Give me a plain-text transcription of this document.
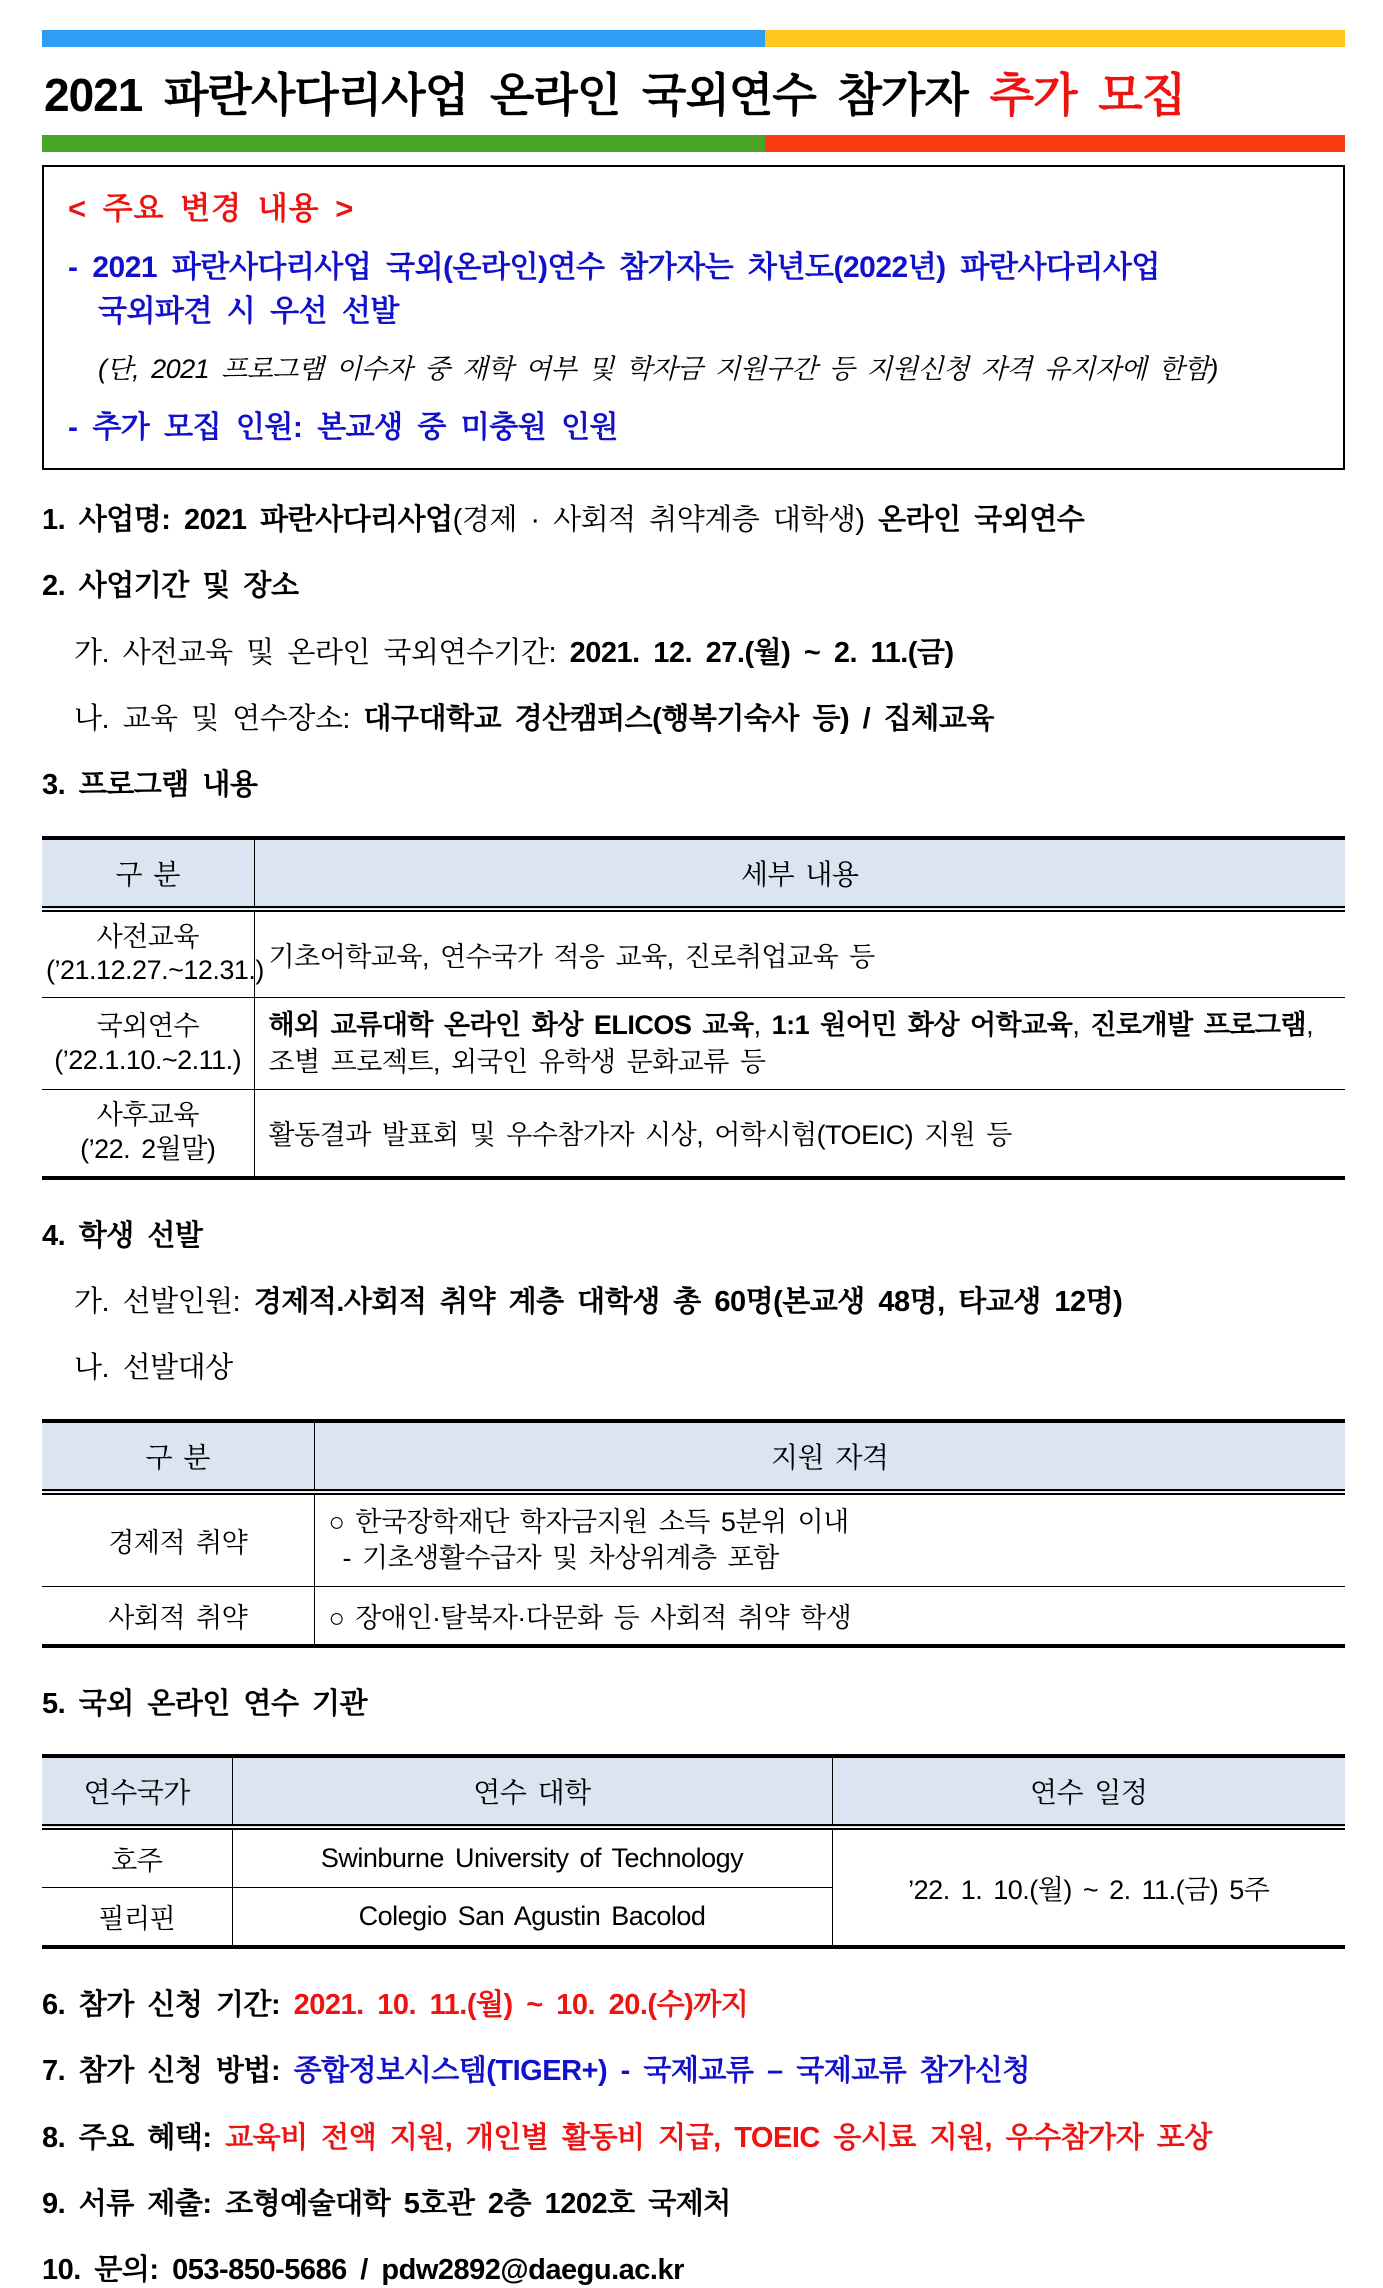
2021 파란사다리사업 온라인 국외연수 참가자 추가 모집
< 주요 변경 내용 >
- 2021 파란사다리사업 국외(온라인)연수 참가자는 차년도(2022년) 파란사다리사업
국외파견 시 우선 선발
(단, 2021 프로그램 이수자 중 재학 여부 및 학자금 지원구간 등 지원신청 자격 유지자에 한함)
- 추가 모집 인원: 본교생 중 미충원 인원
1. 사업명: 2021 파란사다리사업(경제 · 사회적 취약계층 대학생) 온라인 국외연수
2. 사업기간 및 장소
가. 사전교육 및 온라인 국외연수기간: 2021. 12. 27.(월) ~ 2. 11.(금)
나. 교육 및 연수장소: 대구대학교 경산캠퍼스(행복기숙사 등) / 집체교육
3. 프로그램 내용
구 분	세부 내용

사전교육
(’21.12.27.~12.31.)	기초어학교육, 연수국가 적응 교육, 진로취업교육 등

국외연수
(’22.1.10.~2.11.)	해외 교류대학 온라인 화상 ELICOS 교육, 1:1 원어민 화상 어학교육, 진로개발 프로그램, 조별 프로젝트, 외국인 유학생 문화교류 등

사후교육
(’22. 2월말)	활동결과 발표회 및 우수참가자 시상, 어학시험(TOEIC) 지원 등
4. 학생 선발
가. 선발인원: 경제적.사회적 취약 계층 대학생 총 60명(본교생 48명, 타교생 12명)
나. 선발대상
구 분	지원 자격
경제적 취약	○ 한국장학재단 학자금지원 소득 5분위 이내
- 기초생활수급자 및 차상위계층 포함

사회적 취약	○ 장애인·탈북자·다문화 등 사회적 취약 학생
5. 국외 온라인 연수 기관
연수국가	연수 대학	연수 일정
호주	Swinburne University of Technology	’22. 1. 10.(월) ~ 2. 11.(금) 5주
필리핀	Colegio San Agustin Bacolod	
6. 참가 신청 기간: 2021. 10. 11.(월) ~ 10. 20.(수)까지
7. 참가 신청 방법: 종합정보시스템(TIGER+) - 국제교류 – 국제교류 참가신청
8. 주요 혜택: 교육비 전액 지원, 개인별 활동비 지급, TOEIC 응시료 지원, 우수참가자 포상
9. 서류 제출: 조형예술대학 5호관 2층 1202호 국제처
10. 문의: 053-850-5686 / pdw2892@daegu.ac.kr
